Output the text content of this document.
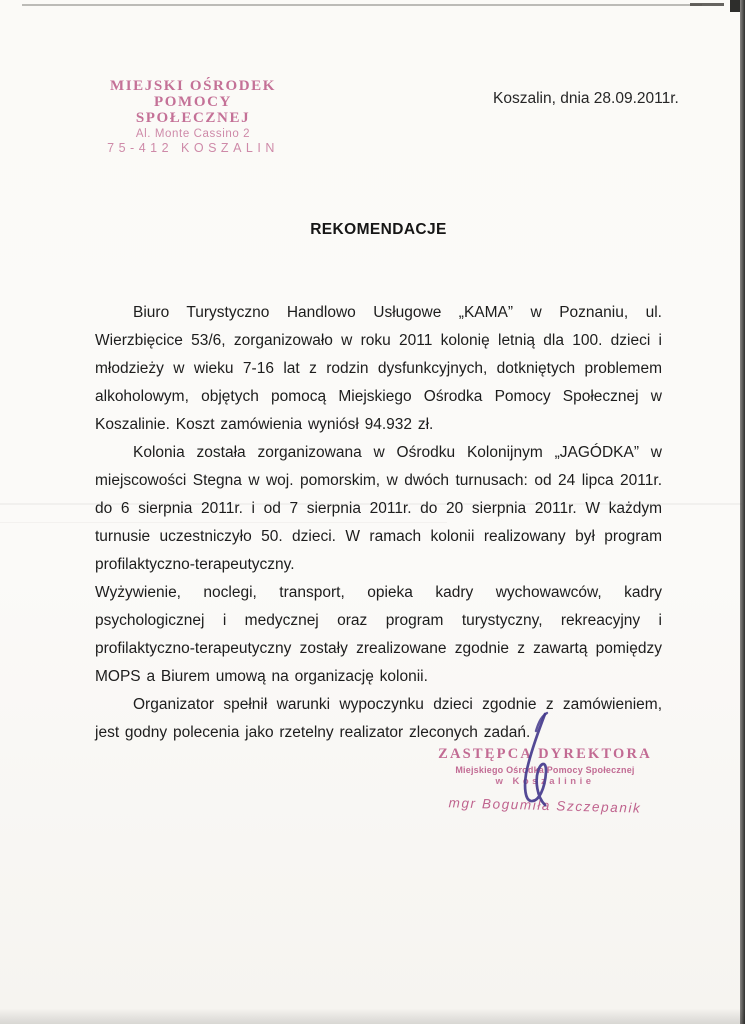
MIEJSKI OŚRODEK
POMOCY SPOŁECZNEJ
Al. Monte Cassino 2
75-412 KOSZALIN
Koszalin, dnia 28.09.2011r.
REKOMENDACJE

Biuro Turystyczno Handlowo Usługowe „KAMA” w Poznaniu, ul. Wierzbięcice 53/6, zorganizowało w roku 2011 kolonię letnią dla 100. dzieci i młodzieży w wieku 7-16 lat z rodzin dysfunkcyjnych, dotkniętych problemem alkoholowym, objętych pomocą Miejskiego Ośrodka Pomocy Społecznej w Koszalinie. Koszt zamówienia wyniósł 94.932 zł.

Kolonia została zorganizowana w Ośrodku Kolonijnym „JAGÓDKA” w miejscowości Stegna w woj. pomorskim, w dwóch turnusach: od 24 lipca 2011r. do 6 sierpnia 2011r. i od 7 sierpnia 2011r. do 20 sierpnia 2011r. W każdym turnusie uczestniczyło 50. dzieci. W ramach kolonii realizowany był program profilaktyczno-terapeutyczny.

Wyżywienie, noclegi, transport, opieka kadry wychowawców, kadry psychologicznej i medycznej oraz program turystyczny, rekreacyjny i profilaktyczno-terapeutyczny zostały zrealizowane zgodnie z zawartą pomiędzy MOPS a Biurem umową na organizację kolonii.

Organizator spełnił warunki wypoczynku dzieci zgodnie z zamówieniem, jest godny polecenia jako rzetelny realizator zleconych zadań.

ZASTĘPCA DYREKTORA
Miejskiego Ośrodka Pomocy Społecznej
w Koszalinie
mgr Bogumiła Szczepanik
